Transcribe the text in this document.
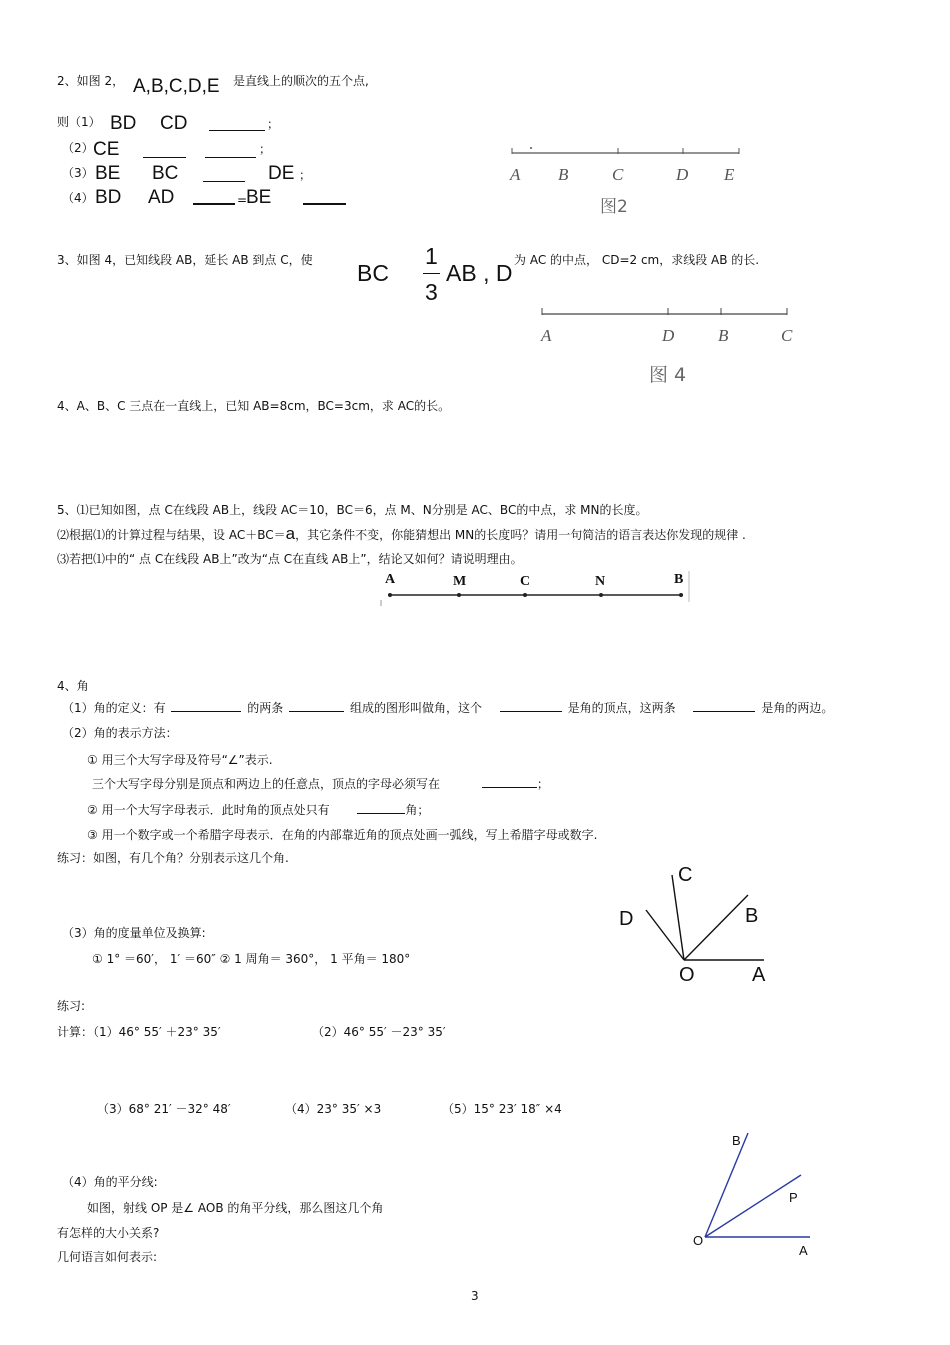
2、如图 2， A,B,C,D,E 是直线上的顺次的五个点,
则（1） BD CD	；
（2） CE	；
（3） BE BC	DE ；
（4） BD AD	=
BE
A B	C	D E
图2
3、如图 4，已知线段 AB，延长 AB 到点 C，使 BC
1
3
AB , D 为 AC 的中点， CD=2 cm，求线段 AB 的长.
A	D	B	C
图 4
4、A、B、C 三点在一直线上，已知 AB=8cm，BC=3cm，求 AC的长。
5、⑴已知如图，点 C在线段 AB上，线段 AC＝10，BC＝6，点 M、N分别是 AC、BC的中点，求 MN的长度。
⑵根据⑴的计算过程与结果，设 AC＋BC＝a，其它条件不变，你能猜想出 MN的长度吗？请用一句简洁的语言表达你发现的规律 .
⑶若把⑴中的“ 点 C在线段 AB上”改为“点 C在直线 AB上”，结论又如何？请说明理由。
A	M	C	N	B
4、角
（1）角的定义：有	的两条	组成的图形叫做角，这个	是角的顶点，这两条	是角的两边。
（2）角的表示方法：
① 用三个大写字母及符号“∠”表示.
三个大写字母分别是顶点和两边上的任意点，顶点的字母必须写在	；
② 用一个大写字母表示．此时角的顶点处只有	角；
③ 用一个数字或一个希腊字母表示．在角的内部靠近角的顶点处画一弧线，写上希腊字母或数字.
练习：如图，有几个角？分别表示这几个角.
C
D	B
O	A
（3）角的度量单位及换算:
① 1° ＝60′， 1′ ＝60″ ② 1 周角＝ 360°， 1 平角＝ 180°
练习:
计算：（1）46° 55′ ＋23° 35′	（2）46° 55′ －23° 35′
（3）68° 21′ －32° 48′	（4）23° 35′ ×3	（5）15° 23′ 18″ ×4
（4）角的平分线:
如图，射线 OP 是∠ AOB 的角平分线，那么图这几个角
有怎样的大小关系?
几何语言如何表示:
B
P
O
A
3
